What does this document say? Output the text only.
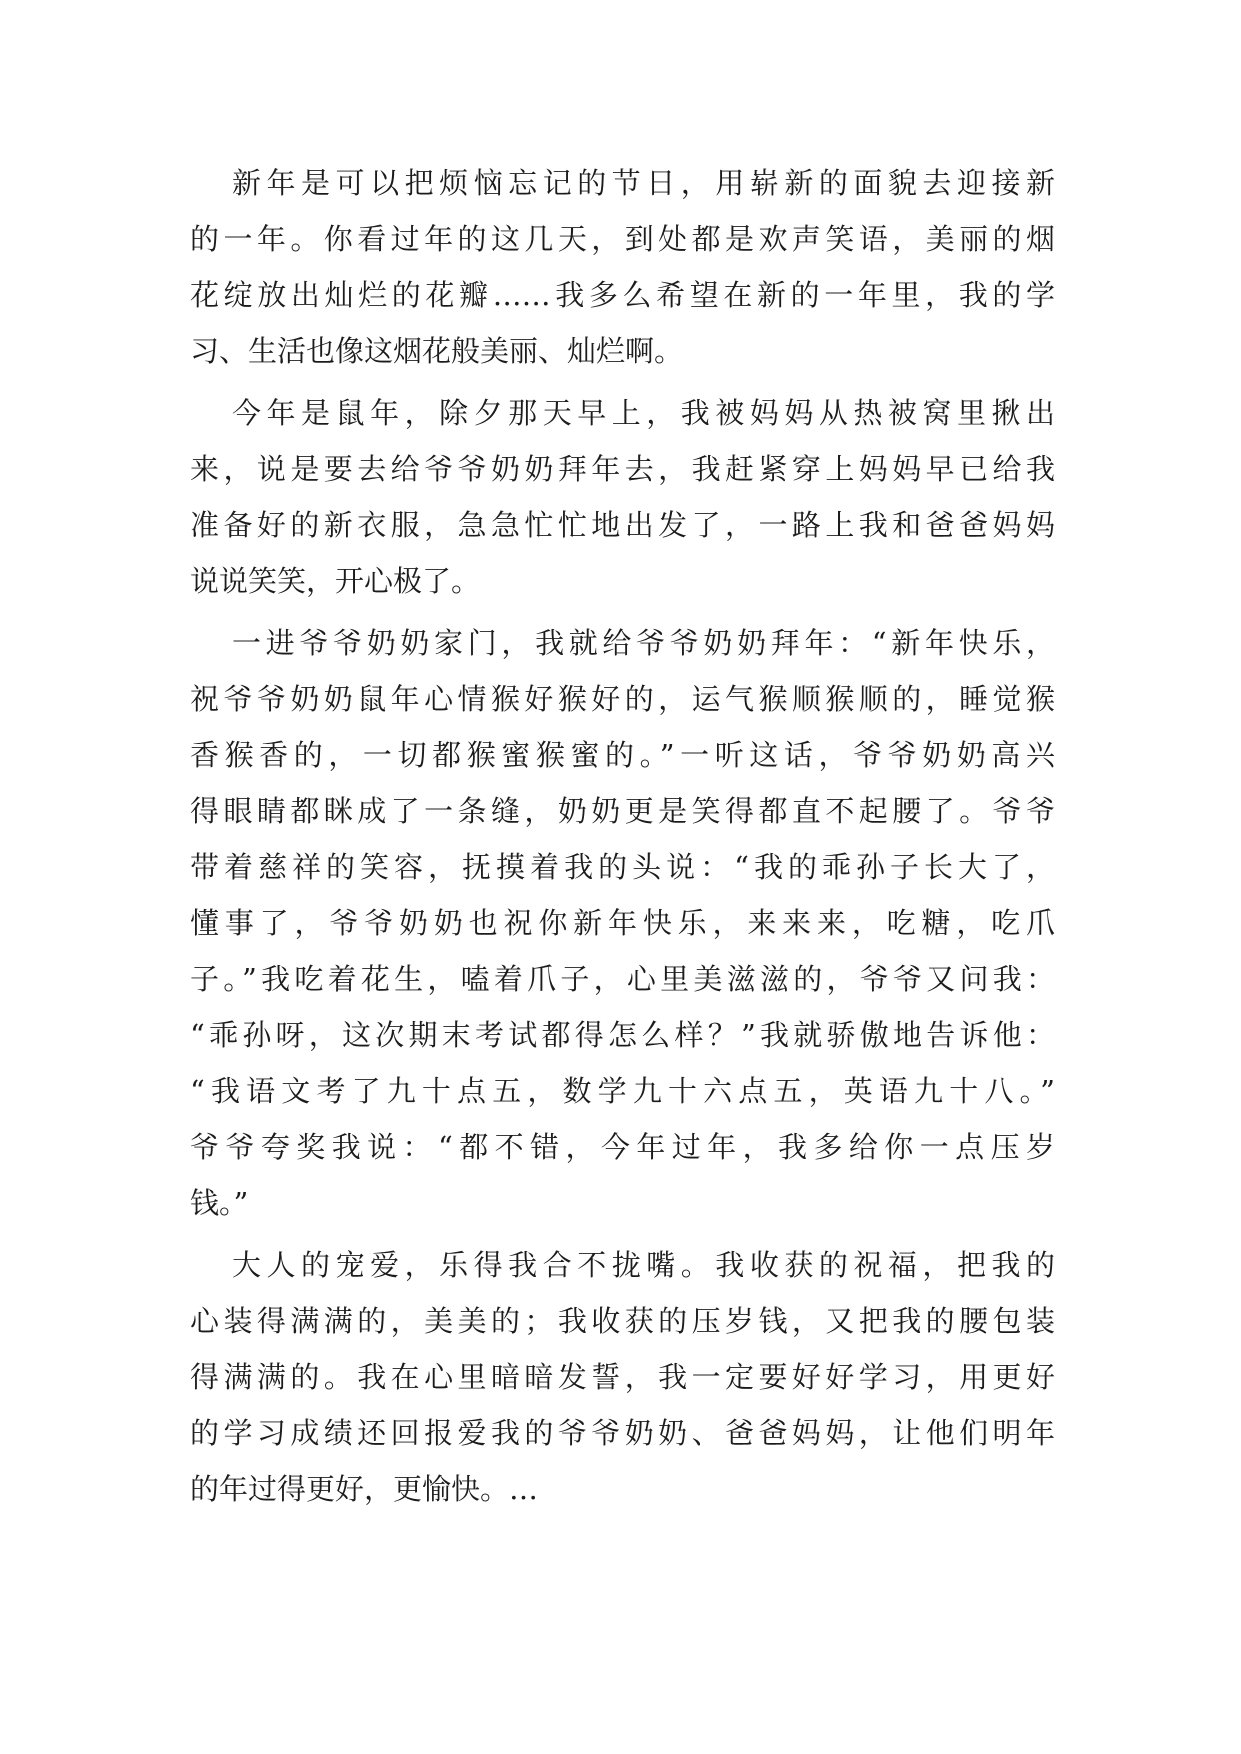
新年是可以把烦恼忘记的节日，用崭新的面貌去迎接新
的一年。你看过年的这几天，到处都是欢声笑语，美丽的烟
花绽放出灿烂的花瓣……我多么希望在新的一年里，我的学
习、生活也像这烟花般美丽、灿烂啊。
今年是鼠年，除夕那天早上，我被妈妈从热被窝里揪出
来，说是要去给爷爷奶奶拜年去，我赶紧穿上妈妈早已给我
准备好的新衣服，急急忙忙地出发了，一路上我和爸爸妈妈
说说笑笑，开心极了。
一进爷爷奶奶家门，我就给爷爷奶奶拜年：“新年快乐，
祝爷爷奶奶鼠年心情猴好猴好的，运气猴顺猴顺的，睡觉猴
香猴香的，一切都猴蜜猴蜜的。”一听这话，爷爷奶奶高兴
得眼睛都眯成了一条缝，奶奶更是笑得都直不起腰了。爷爷
带着慈祥的笑容，抚摸着我的头说：“我的乖孙子长大了，
懂事了，爷爷奶奶也祝你新年快乐，来来来，吃糖，吃爪
子。”我吃着花生，嗑着爪子，心里美滋滋的，爷爷又问我：
“乖孙呀，这次期末考试都得怎么样？”我就骄傲地告诉他：
“我语文考了九十点五，数学九十六点五，英语九十八。”
爷爷夸奖我说：“都不错，今年过年，我多给你一点压岁
钱。”
大人的宠爱，乐得我合不拢嘴。我收获的祝福，把我的
心装得满满的，美美的；我收获的压岁钱，又把我的腰包装
得满满的。我在心里暗暗发誓，我一定要好好学习，用更好
的学习成绩还回报爱我的爷爷奶奶、爸爸妈妈，让他们明年
的年过得更好，更愉快。…
